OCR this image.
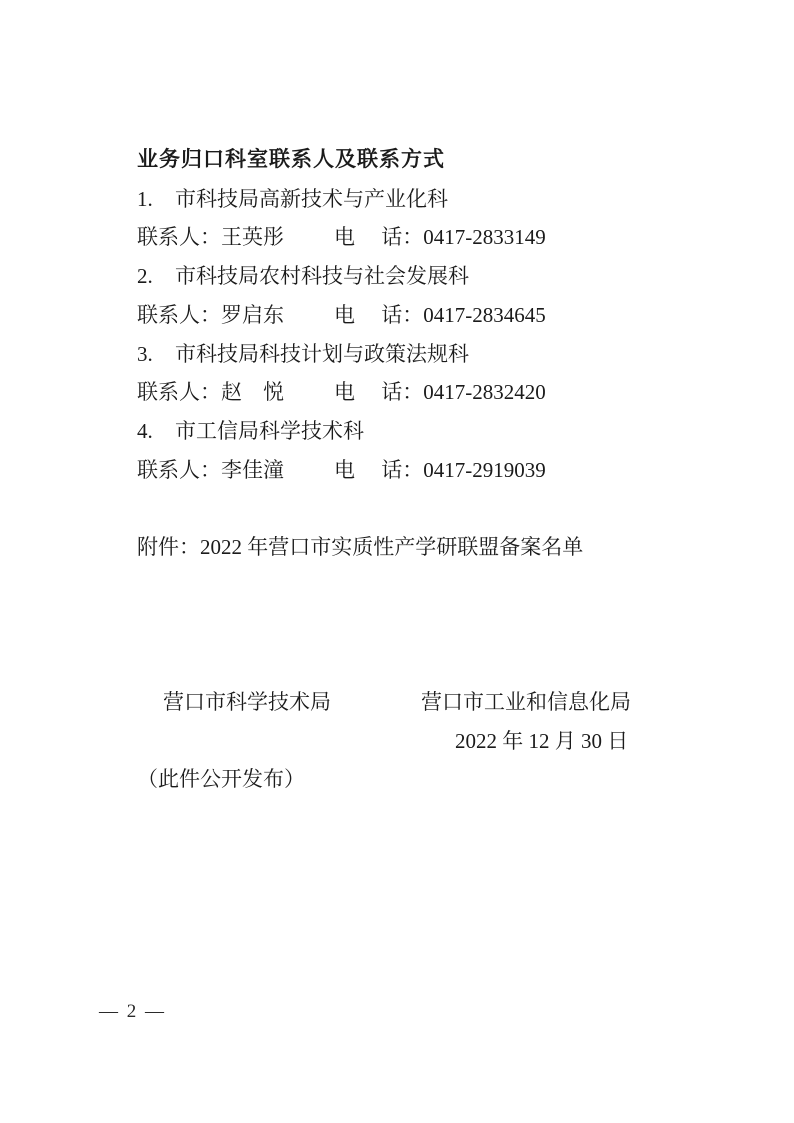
业务归口科室联系人及联系方式

1. 市科技局高新技术与产业化科

联系人：王英彤 电　 话：0417-2833149

2. 市科技局农村科技与社会发展科

联系人：罗启东 电　 话：0417-2834645

3. 市科技局科技计划与政策法规科

联系人：赵　悦 电　 话：0417-2832420

4. 市工信局科学技术科

联系人：李佳潼 电　 话：0417-2919039

附件：2022 年营口市实质性产学研联盟备案名单

营口市科学技术局	营口市工业和信息化局

2022 年 12 月 30 日

（此件公开发布）

— 2 —
